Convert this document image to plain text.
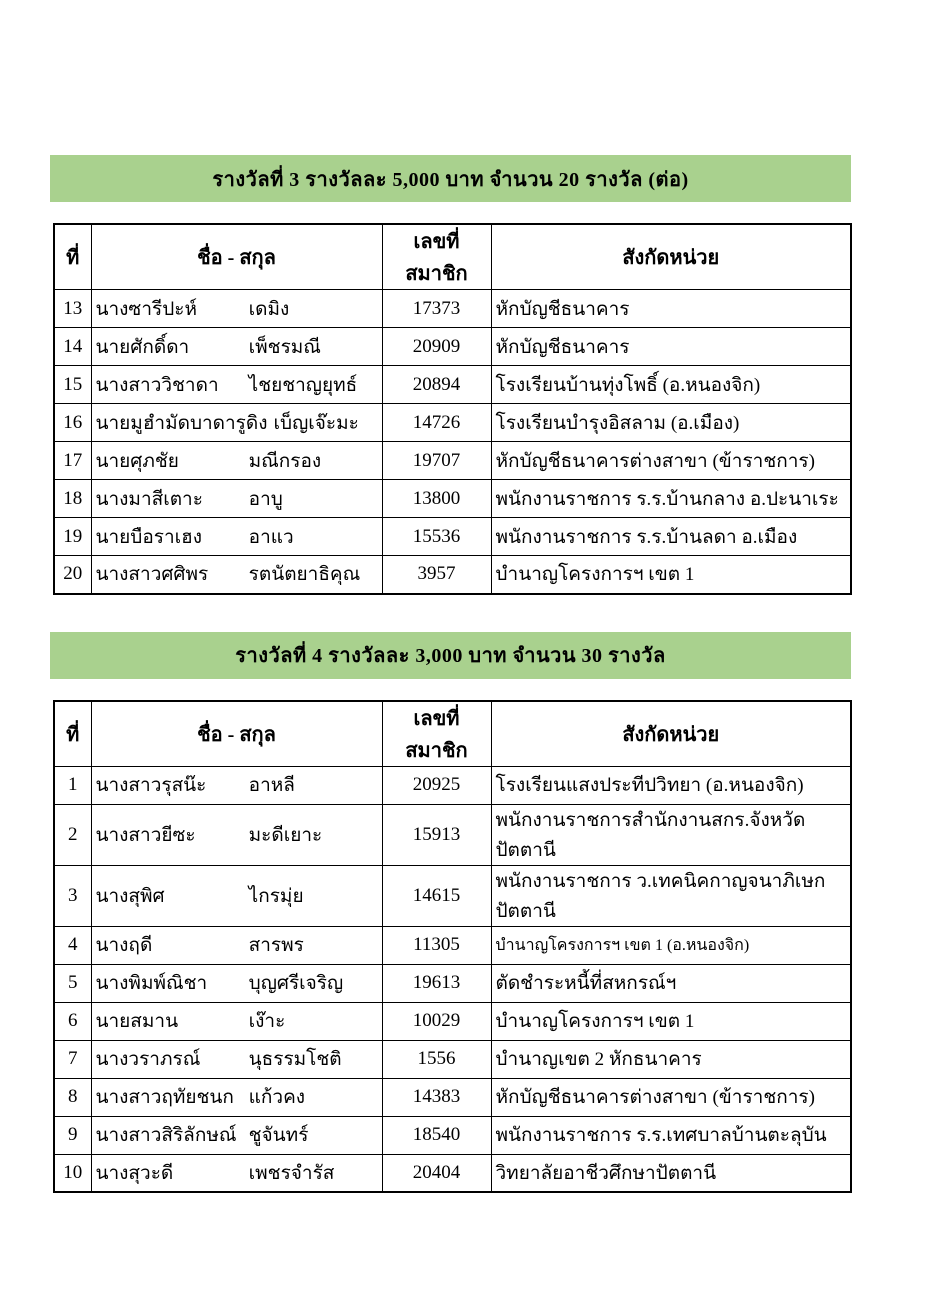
รางวัลที่ 3 รางวัลละ 5,000 บาท จำนวน 20 รางวัล (ต่อ)
ที่	ชื่อ - สกุล	เลขที่สมาชิก	สังกัดหน่วย
13	นางซารีปะห์ เดมิง	17373	หักบัญชีธนาคาร
14	นายศักดิ์ดา เพ็ชรมณี	20909	หักบัญชีธนาคาร
15	นางสาววิชาดา ไชยชาญยุทธ์	20894	โรงเรียนบ้านทุ่งโพธิ์ (อ.หนองจิก)
16	นายมูฮำมัดบาดารูดิง เบ็ญเจ๊ะมะ	14726	โรงเรียนบำรุงอิสลาม (อ.เมือง)
17	นายศุภชัย มณีกรอง	19707	หักบัญชีธนาคารต่างสาขา (ข้าราชการ)
18	นางมาสีเตาะ อาบู	13800	พนักงานราชการ ร.ร.บ้านกลาง อ.ปะนาเระ
19	นายบือราเฮง อาแว	15536	พนักงานราชการ ร.ร.บ้านลดา อ.เมือง
20	นางสาวศศิพร รตนัตยาธิคุณ	3957	บำนาญโครงการฯ เขต 1
รางวัลที่ 4 รางวัลละ 3,000 บาท จำนวน 30 รางวัล
ที่	ชื่อ - สกุล	เลขที่สมาชิก	สังกัดหน่วย
1	นางสาวรุสน๊ะ อาหลี	20925	โรงเรียนแสงประทีปวิทยา (อ.หนองจิก)
2	นางสาวยีซะ มะดีเยาะ	15913	พนักงานราชการสำนักงานสกร.จังหวัดปัตตานี
3	นางสุพิศ ไกรมุ่ย	14615	พนักงานราชการ ว.เทคนิคกาญจนาภิเษก ปัตตานี
4	นางฤดี สารพร	11305	บำนาญโครงการฯ เขต 1 (อ.หนองจิก)
5	นางพิมพ์ณิชา บุญศรีเจริญ	19613	ตัดชำระหนี้ที่สหกรณ์ฯ
6	นายสมาน เง๊าะ	10029	บำนาญโครงการฯ เขต 1
7	นางวราภรณ์ นุธรรมโชติ	1556	บำนาญเขต 2 หักธนาคาร
8	นางสาวฤทัยชนก แก้วคง	14383	หักบัญชีธนาคารต่างสาขา (ข้าราชการ)
9	นางสาวสิริลักษณ์ ชูจันทร์	18540	พนักงานราชการ ร.ร.เทศบาลบ้านตะลุบัน
10	นางสุวะดี เพชรจำรัส	20404	วิทยาลัยอาชีวศึกษาปัตตานี
